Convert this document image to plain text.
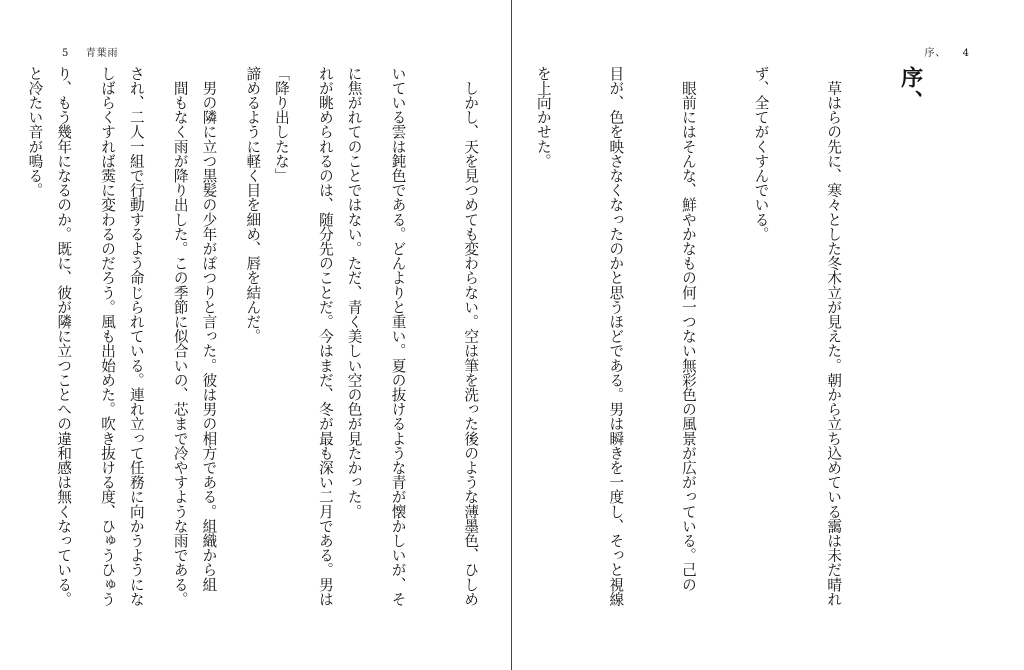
5 青葉雨

に焦がれてのことではない。ただ、青く美しい空の色が見たかった。

「降り出したな」

　男の隣に立つ黒髪の少年がぽつりと言った。彼は男の相方である。組織から組

され、二人一組で行動するよう命じられている。連れ立って任務に向かうようにな

り、もう幾年になるのか。既に、彼が隣に立つことへの違和感は無くなっている。

序、 4

序、

　草はらの先に、寒々とした冬木立が見えた。朝から立ち込めている靄は未だ晴れ

ず、全てがくすんでいる。

　眼前にはそんな、鮮やかなもの何一つない無彩色の風景が広がっている。己の

目が、色を映さなくなったのかと思うほどである。男は瞬きを一度し、そっと視線

を上向かせた。

　しかし、天を見つめても変わらない。空は筆を洗った後のような薄墨色、ひしめ

いている雲は鈍色である。どんよりと重い。夏の抜けるような青が懐かしいが、そ

れが眺められるのは、随分先のことだ。今はまだ、冬が最も深い二月である。男は

諦めるように軽く目を細め、唇を結んだ。

　間もなく雨が降り出した。この季節に似合いの、芯まで冷やすような雨である。

しばらくすれば霙に変わるのだろう。風も出始めた。吹き抜ける度、ひゅうひゅう

と冷たい音が鳴る。
